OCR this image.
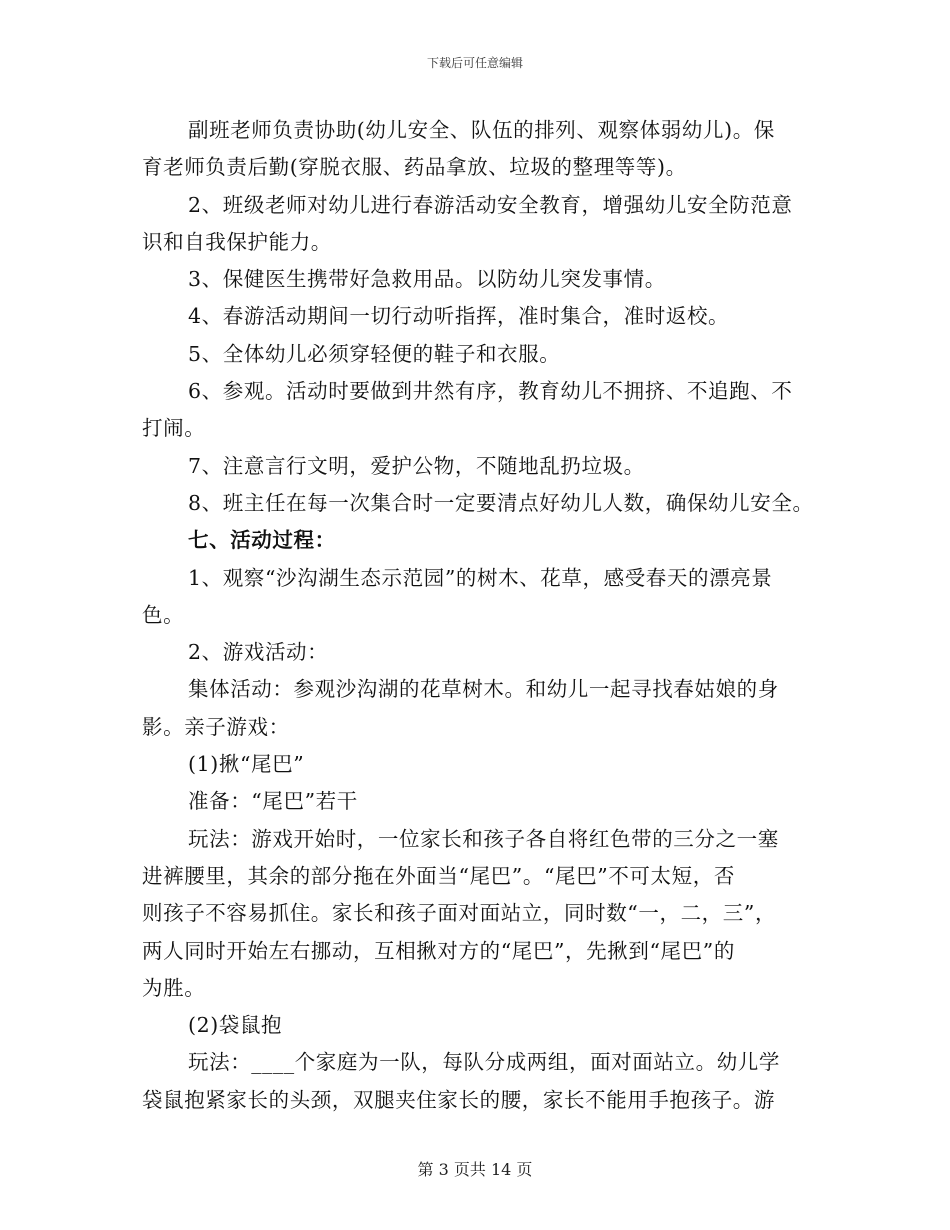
下载后可任意编辑
副班老师负责协助(幼儿安全、队伍的排列、观察体弱幼儿)。保
育老师负责后勤(穿脱衣服、药品拿放、垃圾的整理等等)。
2、班级老师对幼儿进行春游活动安全教育，增强幼儿安全防范意
识和自我保护能力。
3、保健医生携带好急救用品。以防幼儿突发事情。
4、春游活动期间一切行动听指挥，准时集合，准时返校。
5、全体幼儿必须穿轻便的鞋子和衣服。
6、参观。活动时要做到井然有序，教育幼儿不拥挤、不追跑、不
打闹。
7、注意言行文明，爱护公物，不随地乱扔垃圾。
8、班主任在每一次集合时一定要清点好幼儿人数，确保幼儿安全。
七、活动过程：
1、观察“沙沟湖生态示范园”的树木、花草，感受春天的漂亮景
色。
2、游戏活动：
集体活动：参观沙沟湖的花草树木。和幼儿一起寻找春姑娘的身
影。亲子游戏：
(1)揪“尾巴”
准备：“尾巴”若干
玩法：游戏开始时，一位家长和孩子各自将红色带的三分之一塞
进裤腰里，其余的部分拖在外面当“尾巴”。“尾巴”不可太短，否
则孩子不容易抓住。家长和孩子面对面站立，同时数“一，二，三”，
两人同时开始左右挪动，互相揪对方的“尾巴”，先揪到“尾巴”的
为胜。
(2)袋鼠抱
玩法：____个家庭为一队，每队分成两组，面对面站立。幼儿学
袋鼠抱紧家长的头颈，双腿夹住家长的腰，家长不能用手抱孩子。游
第 3 页共 14 页
